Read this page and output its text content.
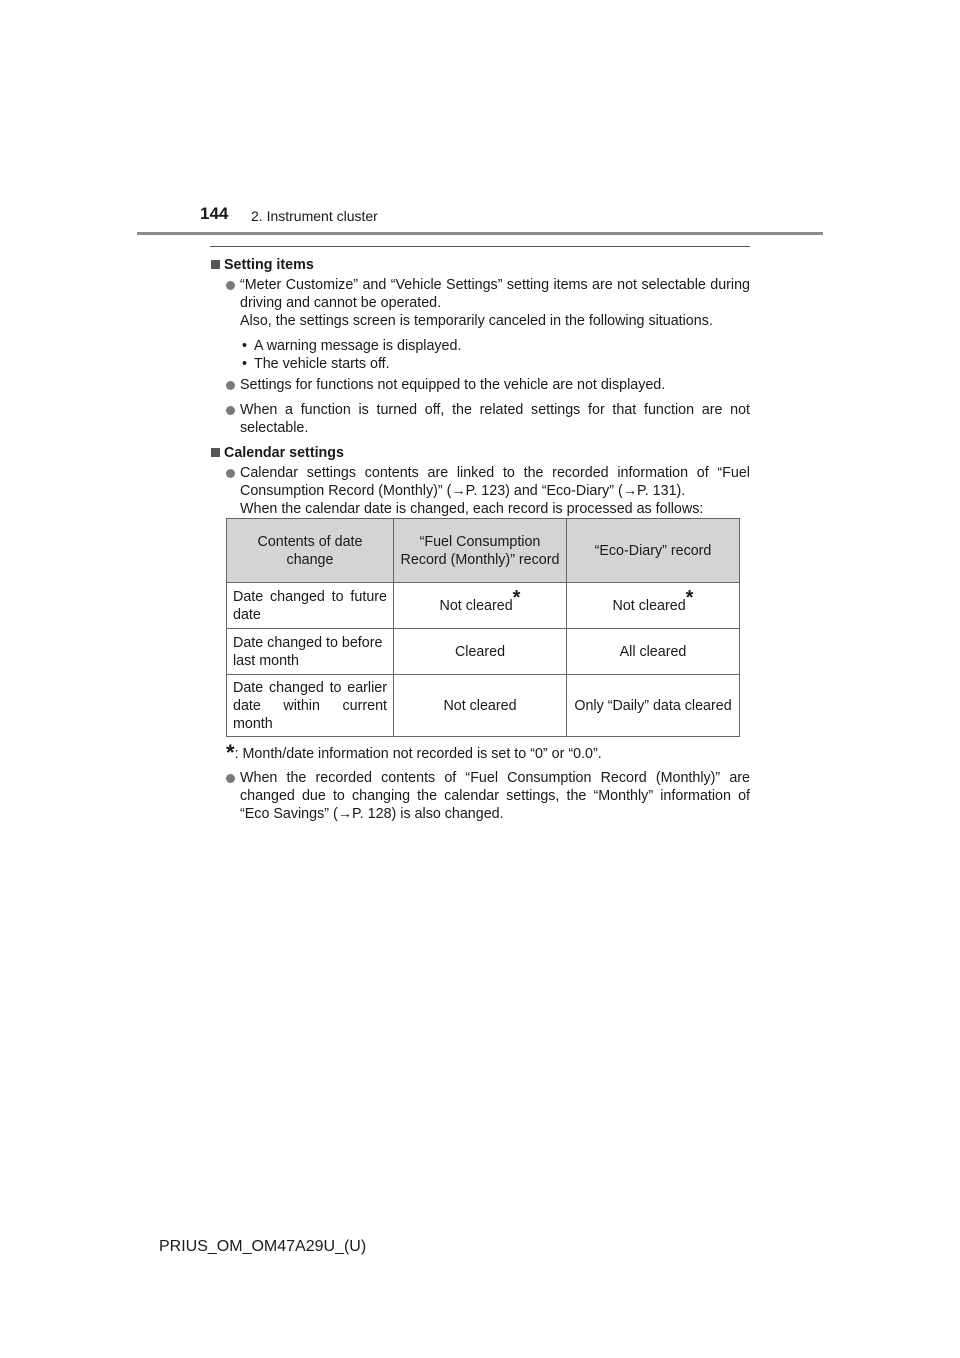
144 2. Instrument cluster
Setting items

“Meter Customize” and “Vehicle Settings” setting items are not selectable during driving and cannot be operated.

Also, the settings screen is temporarily canceled in the following situations.

• A warning message is displayed.
• The vehicle starts off.

Settings for functions not equipped to the vehicle are not displayed.

When a function is turned off, the related settings for that function are not selectable.

Calendar settings

Calendar settings contents are linked to the recorded information of “Fuel Consumption Record (Monthly)” (→P. 123) and “Eco-Diary” (→P. 131).

When the calendar date is changed, each record is processed as follows:

Contents of date change	“Fuel Consumption Record (Monthly)” record	“Eco-Diary” record
Date changed to future date	Not cleared*	Not cleared*
Date changed to before last month	Cleared	All cleared
Date changed to earlier date within current month	Not cleared	Only “Daily” data cleared

*: Month/date information not recorded is set to “0” or “0.0”.

When the recorded contents of “Fuel Consumption Record (Monthly)” are changed due to changing the calendar settings, the “Monthly” information of “Eco Savings” (→P. 128) is also changed.

PRIUS_OM_OM47A29U_(U)
